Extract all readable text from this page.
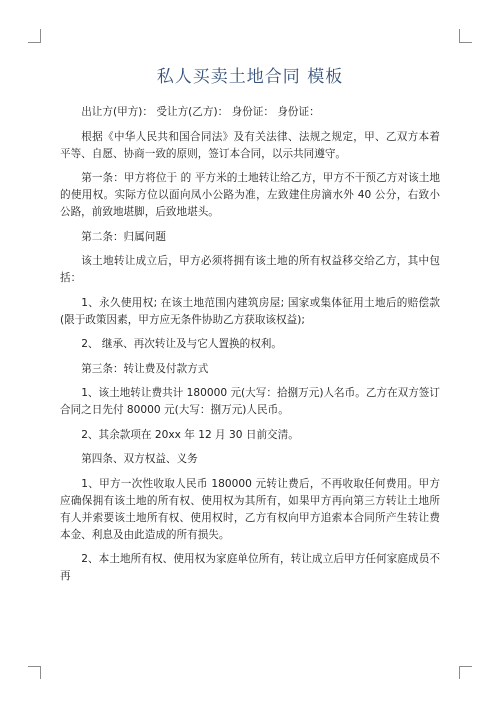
私人买卖土地合同 模板

出让方(甲方)： 受让方(乙方)： 身份证： 身份证：

根据《中华人民共和国合同法》及有关法律、法规之规定，甲、乙双方本着平等、自愿、协商一致的原则，签订本合同，以示共同遵守。

第一条：甲方将位于 的 平方米的土地转让给乙方，甲方不干预乙方对该土地的使用权。实际方位以面向凤小公路为准，左致建住房滴水外 40 公分，右致小公路，前致地堪脚，后致地堪头。

第二条：归属问题

该土地转让成立后，甲方必须将拥有该土地的所有权益移交给乙方，其中包括：

1、永久使用权; 在该土地范围内建筑房屋; 国家或集体征用土地后的赔偿款(限于政策因素，甲方应无条件协助乙方获取该权益);

2、 继承、再次转让及与它人置换的权利。

第三条：转让费及付款方式

1、该土地转让费共计 180000 元(大写：拾捌万元)人名币。乙方在双方签订合同之日先付 80000 元(大写：捌万元)人民币。

2、其余款项在 20xx 年 12 月 30 日前交清。

第四条、双方权益、义务

1、甲方一次性收取人民币 180000 元转让费后，不再收取任何费用。甲方应确保拥有该土地的所有权、使用权为其所有，如果甲方再向第三方转让土地所有人并索要该土地所有权、使用权时，乙方有权向甲方追索本合同所产生转让费本金、利息及由此造成的所有损失。

2、本土地所有权、使用权为家庭单位所有，转让成立后甲方任何家庭成员不再
